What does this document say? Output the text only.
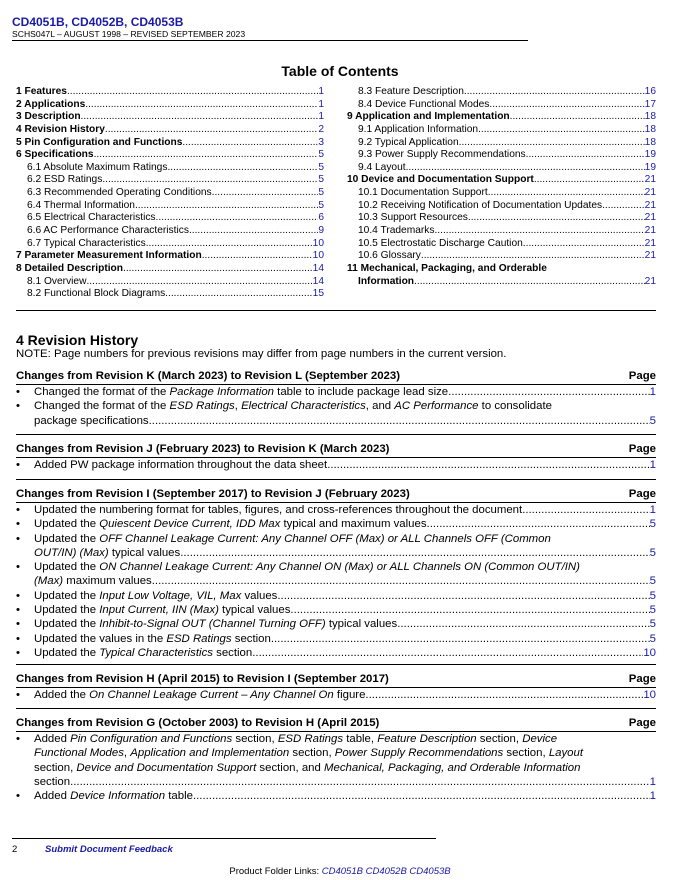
CD4051B, CD4052B, CD4053B
SCHS047L – AUGUST 1998 – REVISED SEPTEMBER 2023
Table of Contents
1 Features .....	1
2 Applications .....	1
3 Description .....	1
4 Revision History .....	2
5 Pin Configuration and Functions .....	3
6 Specifications .....	5
6.1 Absolute Maximum Ratings .....	5
6.2 ESD Ratings .....	5
6.3 Recommended Operating Conditions .....	5
6.4 Thermal Information .....	5
6.5 Electrical Characteristics .....	6
6.6 AC Performance Characteristics .....	9
6.7 Typical Characteristics .....	10
7 Parameter Measurement Information .....	10
8 Detailed Description .....	14
8.1 Overview .....	14
8.2 Functional Block Diagrams .....	15
8.3 Feature Description .....	16
8.4 Device Functional Modes .....	17
9 Application and Implementation .....	18
9.1 Application Information .....	18
9.2 Typical Application .....	18
9.3 Power Supply Recommendations .....	19
9.4 Layout .....	19
10 Device and Documentation Support .....	21
10.1 Documentation Support .....	21
10.2 Receiving Notification of Documentation Updates .....	21
10.3 Support Resources .....	21
10.4 Trademarks .....	21
10.5 Electrostatic Discharge Caution .....	21
10.6 Glossary .....	21
11 Mechanical, Packaging, and Orderable
Information .....	21
4 Revision History
NOTE: Page numbers for previous revisions may differ from page numbers in the current version.
Changes from Revision K (March 2023) to Revision L (September 2023)	Page
• Changed the format of the Package Information table to include package lead size .....	1
• Changed the format of the ESD Ratings, Electrical Characteristics, and AC Performance to consolidate
package specifications .....	5
Changes from Revision J (February 2023) to Revision K (March 2023)	Page
• Added PW package information throughout the data sheet .....	1
Changes from Revision I (September 2017) to Revision J (February 2023)	Page
• Updated the numbering format for tables, figures, and cross-references throughout the document .....	1
• Updated the Quiescent Device Current, IDD Max typical and maximum values .....	5
• Updated the OFF Channel Leakage Current: Any Channel OFF (Max) or ALL Channels OFF (Common
OUT/IN) (Max) typical values .....	5
• Updated the ON Channel Leakage Current: Any Channel ON (Max) or ALL Channels ON (Common OUT/IN)
(Max) maximum values .....	5
• Updated the Input Low Voltage, VIL, Max values .....	5
• Updated the Input Current, IIN (Max) typical values .....	5
• Updated the Inhibit-to-Signal OUT (Channel Turning OFF) typical values .....	5
• Updated the values in the ESD Ratings section .....	5
• Updated the Typical Characteristics section .....	10
Changes from Revision H (April 2015) to Revision I (September 2017)	Page
• Added the On Channel Leakage Current – Any Channel On figure .....	10
Changes from Revision G (October 2003) to Revision H (April 2015)	Page
• Added Pin Configuration and Functions section, ESD Ratings table, Feature Description section, Device
Functional Modes, Application and Implementation section, Power Supply Recommendations section, Layout
section, Device and Documentation Support section, and Mechanical, Packaging, and Orderable Information
section .....	1
• Added Device Information table .....	1
2	Submit Document Feedback
Product Folder Links: CD4051B CD4052B CD4053B
